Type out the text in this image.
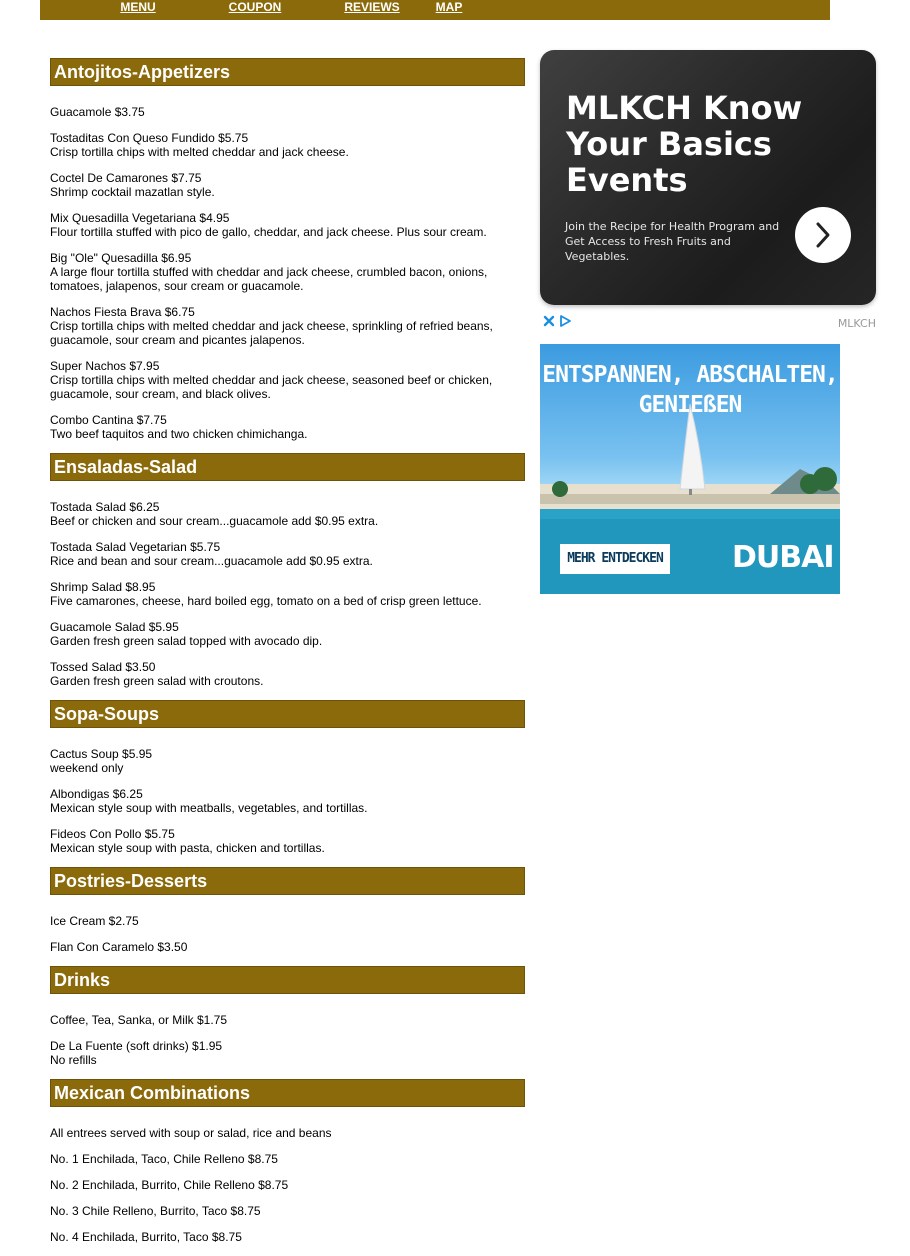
MENU	COUPON	REVIEWS	MAP
Antojitos-Appetizers
Guacamole $3.75
Tostaditas Con Queso Fundido $5.75
Crisp tortilla chips with melted cheddar and jack cheese.
Coctel De Camarones $7.75
Shrimp cocktail mazatlan style.
Mix Quesadilla Vegetariana $4.95
Flour tortilla stuffed with pico de gallo, cheddar, and jack cheese. Plus sour cream.
Big "Ole" Quesadilla $6.95
A large flour tortilla stuffed with cheddar and jack cheese, crumbled bacon, onions, tomatoes, jalapenos, sour cream or guacamole.
Nachos Fiesta Brava $6.75
Crisp tortilla chips with melted cheddar and jack cheese, sprinkling of refried beans, guacamole, sour cream and picantes jalapenos.
Super Nachos $7.95
Crisp tortilla chips with melted cheddar and jack cheese, seasoned beef or chicken, guacamole, sour cream, and black olives.
Combo Cantina $7.75
Two beef taquitos and two chicken chimichanga.
Ensaladas-Salad
Tostada Salad $6.25
Beef or chicken and sour cream...guacamole add $0.95 extra.
Tostada Salad Vegetarian $5.75
Rice and bean and sour cream...guacamole add $0.95 extra.
Shrimp Salad $8.95
Five camarones, cheese, hard boiled egg, tomato on a bed of crisp green lettuce.
Guacamole Salad $5.95
Garden fresh green salad topped with avocado dip.
Tossed Salad $3.50
Garden fresh green salad with croutons.
Sopa-Soups
Cactus Soup $5.95
weekend only
Albondigas $6.25
Mexican style soup with meatballs, vegetables, and tortillas.
Fideos Con Pollo $5.75
Mexican style soup with pasta, chicken and tortillas.
Postries-Desserts
Ice Cream $2.75
Flan Con Caramelo $3.50
Drinks
Coffee, Tea, Sanka, or Milk $1.75
De La Fuente (soft drinks) $1.95
No refills
Mexican Combinations
All entrees served with soup or salad, rice and beans
No. 1 Enchilada, Taco, Chile Relleno $8.75
No. 2 Enchilada, Burrito, Chile Relleno $8.75
No. 3 Chile Relleno, Burrito, Taco $8.75
No. 4 Enchilada, Burrito, Taco $8.75
MLKCH Know Your Basics Events
Join the Recipe for Health Program and Get Access to Fresh Fruits and Vegetables.
MLKCH
ENTSPANNEN, ABSCHALTEN, GENIEßEN
MEHR ENTDECKEN DUBAI
